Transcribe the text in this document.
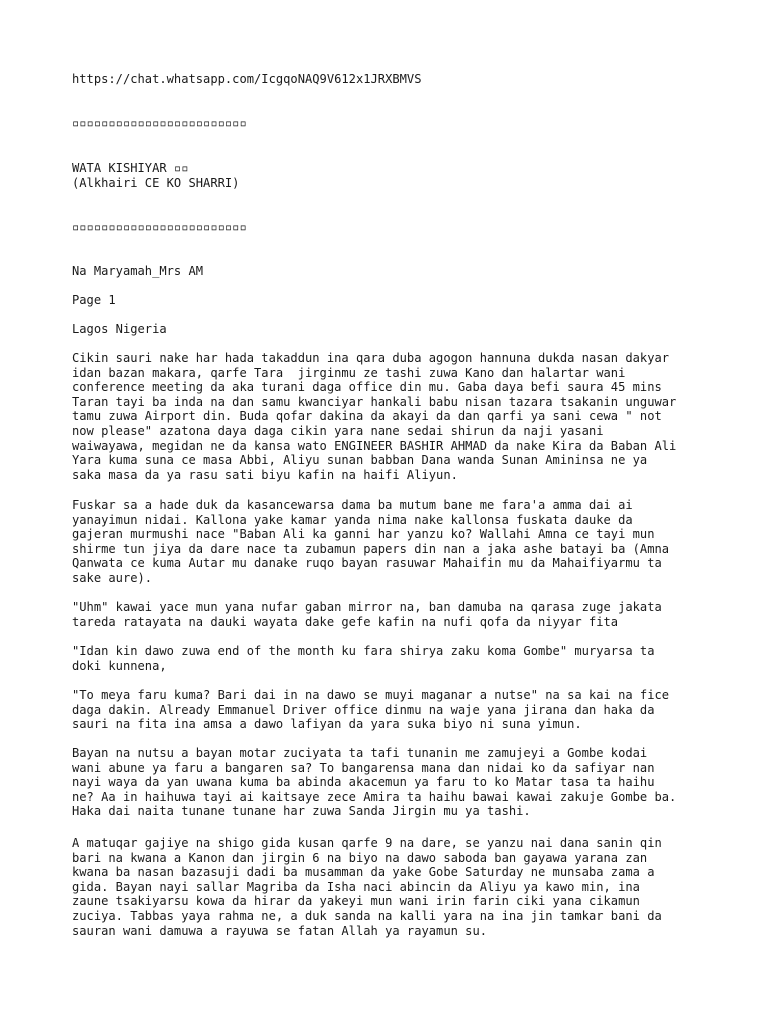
https://chat.whatsapp.com/IcgqoNAQ9V612x1JRXBMVS

▫▫▫▫▫▫▫▫▫▫▫▫▫▫▫▫▫▫▫▫▫▫▫▫

WATA KISHIYAR ▫▫

(Alkhairi CE KO SHARRI)

▫▫▫▫▫▫▫▫▫▫▫▫▫▫▫▫▫▫▫▫▫▫▫▫

Na Maryamah_Mrs AM

Page 1

Lagos Nigeria

Cikin sauri nake har hada takaddun ina qara duba agogon hannuna dukda nasan dakyar
idan bazan makara, qarfe Tara  jirginmu ze tashi zuwa Kano dan halartar wani
conference meeting da aka turani daga office din mu. Gaba daya befi saura 45 mins
Taran tayi ba inda na dan samu kwanciyar hankali babu nisan tazara tsakanin unguwar
tamu zuwa Airport din. Buda qofar dakina da akayi da dan qarfi ya sani cewa " not
now please" azatona daya daga cikin yara nane sedai shirun da naji yasani
waiwayawa, megidan ne da kansa wato ENGINEER BASHIR AHMAD da nake Kira da Baban Ali
Yara kuma suna ce masa Abbi, Aliyu sunan babban Dana wanda Sunan Amininsa ne ya
saka masa da ya rasu sati biyu kafin na haifi Aliyun.

Fuskar sa a hade duk da kasancewarsa dama ba mutum bane me fara'a amma dai ai
yanayimun nidai. Kallona yake kamar yanda nima nake kallonsa fuskata dauke da
gajeran murmushi nace "Baban Ali ka ganni har yanzu ko? Wallahi Amna ce tayi mun
shirme tun jiya da dare nace ta zubamun papers din nan a jaka ashe batayi ba (Amna
Qanwata ce kuma Autar mu danake ruqo bayan rasuwar Mahaifin mu da Mahaifiyarmu ta
sake aure).

"Uhm" kawai yace mun yana nufar gaban mirror na, ban damuba na qarasa zuge jakata
tareda ratayata na dauki wayata dake gefe kafin na nufi qofa da niyyar fita

"Idan kin dawo zuwa end of the month ku fara shirya zaku koma Gombe" muryarsa ta
doki kunnena,

"To meya faru kuma? Bari dai in na dawo se muyi maganar a nutse" na sa kai na fice
daga dakin. Already Emmanuel Driver office dinmu na waje yana jirana dan haka da
sauri na fita ina amsa a dawo lafiyan da yara suka biyo ni suna yimun.

Bayan na nutsu a bayan motar zuciyata ta tafi tunanin me zamujeyi a Gombe kodai
wani abune ya faru a bangaren sa? To bangarensa mana dan nidai ko da safiyar nan
nayi waya da yan uwana kuma ba abinda akacemun ya faru to ko Matar tasa ta haihu
ne? Aa in haihuwa tayi ai kaitsaye zece Amira ta haihu bawai kawai zakuje Gombe ba.
Haka dai naita tunane tunane har zuwa Sanda Jirgin mu ya tashi.

A matuqar gajiye na shigo gida kusan qarfe 9 na dare, se yanzu nai dana sanin qin
bari na kwana a Kanon dan jirgin 6 na biyo na dawo saboda ban gayawa yarana zan
kwana ba nasan bazasuji dadi ba musamman da yake Gobe Saturday ne munsaba zama a
gida. Bayan nayi sallar Magriba da Isha naci abincin da Aliyu ya kawo min, ina
zaune tsakiyarsu kowa da hirar da yakeyi mun wani irin farin ciki yana cikamun
zuciya. Tabbas yaya rahma ne, a duk sanda na kalli yara na ina jin tamkar bani da
sauran wani damuwa a rayuwa se fatan Allah ya rayamun su.
